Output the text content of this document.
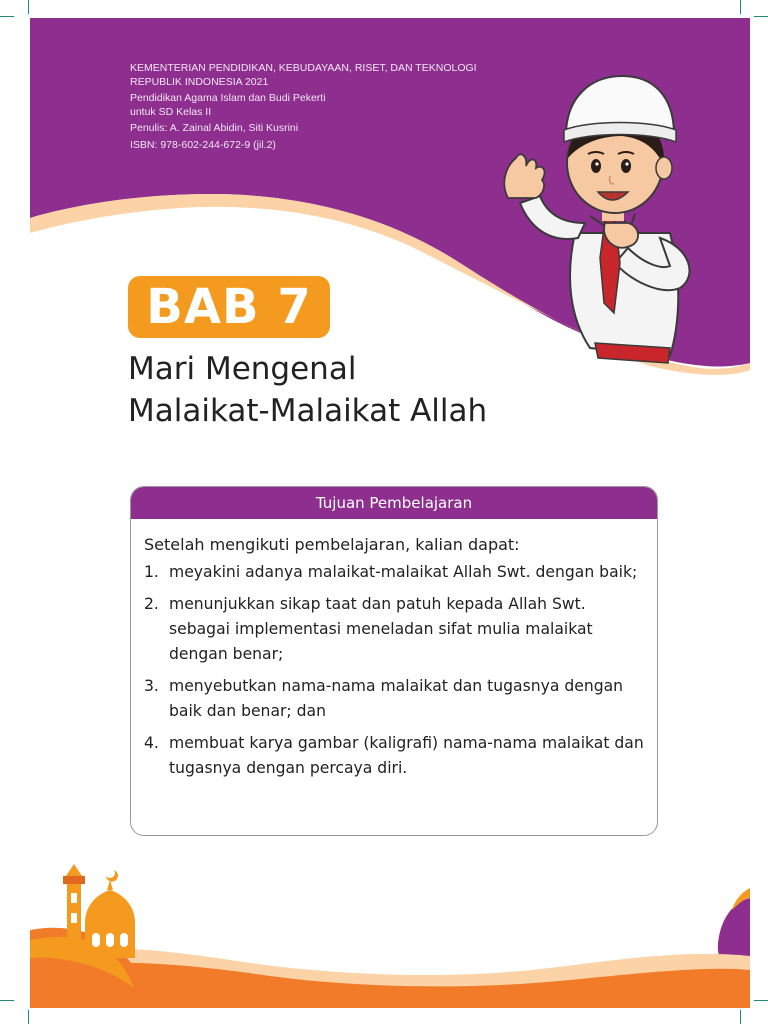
KEMENTERIAN PENDIDIKAN, KEBUDAYAAN, RISET, DAN TEKNOLOGI
REPUBLIK INDONESIA 2021
Pendidikan Agama Islam dan Budi Pekerti
untuk SD Kelas II
Penulis: A. Zainal Abidin, Siti Kusrini
ISBN: 978-602-244-672-9 (jil.2)
BAB 7
Mari Mengenal
Malaikat-Malaikat Allah
Tujuan Pembelajaran
Setelah mengikuti pembelajaran, kalian dapat:
1. meyakini adanya malaikat-malaikat Allah Swt. dengan baik;
2. menunjukkan sikap taat dan patuh kepada Allah Swt. sebagai implementasi meneladan sifat mulia malaikat dengan benar;
3. menyebutkan nama-nama malaikat dan tugasnya dengan baik dan benar; dan
4. membuat karya gambar (kaligrafi) nama-nama malaikat dan tugasnya dengan percaya diri.
